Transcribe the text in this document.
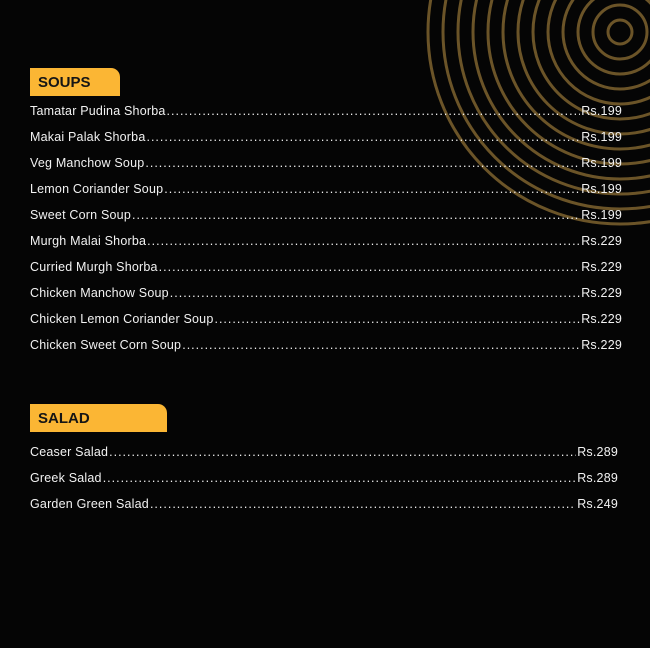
SOUPS
Tamatar Pudina Shorba .....	Rs.199
Makai Palak Shorba .....	Rs.199
Veg Manchow Soup .....	Rs.199
Lemon Coriander Soup .....	Rs.199
Sweet Corn Soup .....	Rs.199
Murgh Malai Shorba .....	Rs.229
Curried Murgh Shorba .....	Rs.229
Chicken Manchow Soup .....	Rs.229
Chicken Lemon Coriander Soup .....	Rs.229
Chicken Sweet Corn Soup .....	Rs.229
SALAD
Ceaser Salad .....	Rs.289
Greek Salad .....	Rs.289
Garden Green Salad .....	Rs.249
